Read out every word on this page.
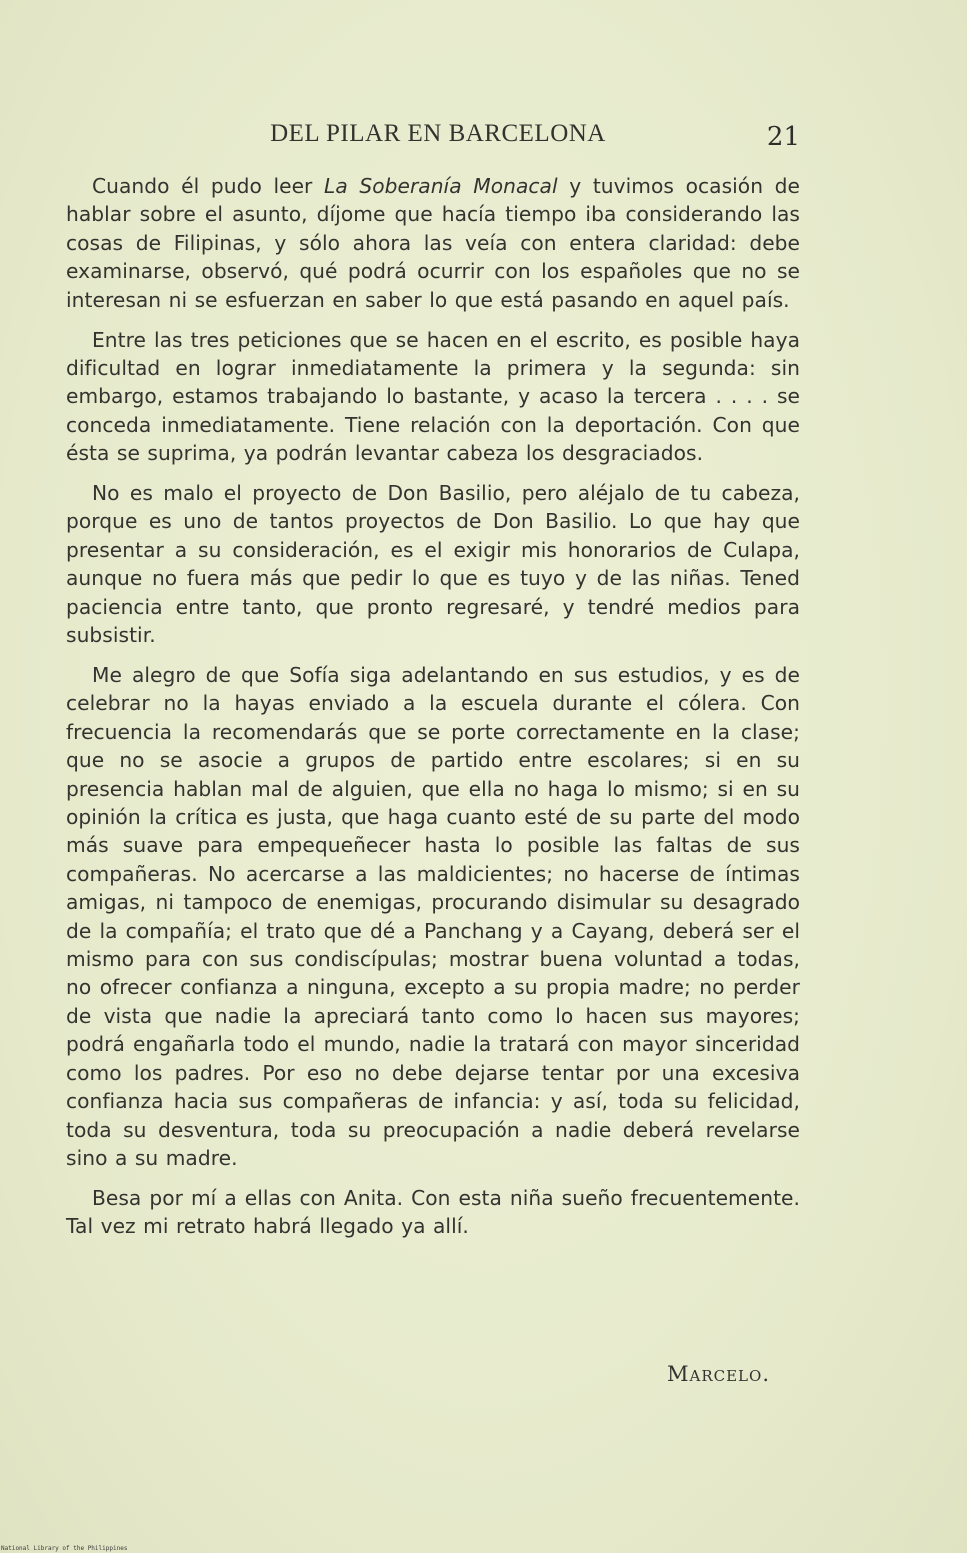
DEL PILAR EN BARCELONA	21

Cuando él pudo leer La Soberanía Monacal y tuvimos ocasión de hablar sobre el asunto, díjome que hacía tiempo iba considerando las cosas de Filipinas, y sólo ahora las veía con entera claridad: debe examinarse, observó, qué podrá ocurrir con los españoles que no se interesan ni se esfuerzan en saber lo que está pasando en aquel país.

Entre las tres peticiones que se hacen en el escrito, es posible haya dificultad en lograr inmediatamente la primera y la segunda: sin embargo, estamos trabajando lo bastante, y acaso la tercera . . . . se conceda inmediatamente. Tiene relación con la deportación. Con que ésta se suprima, ya podrán levantar cabeza los desgraciados.

No es malo el proyecto de Don Basilio, pero aléjalo de tu cabeza, porque es uno de tantos proyectos de Don Basilio. Lo que hay que presentar a su consideración, es el exigir mis honorarios de Culapa, aunque no fuera más que pedir lo que es tuyo y de las niñas. Tened paciencia entre tanto, que pronto regresaré, y tendré medios para subsistir.

Me alegro de que Sofía siga adelantando en sus estudios, y es de celebrar no la hayas enviado a la escuela durante el cólera. Con frecuencia la recomendarás que se porte correctamente en la clase; que no se asocie a grupos de partido entre escolares; si en su presencia hablan mal de alguien, que ella no haga lo mismo; si en su opinión la crítica es justa, que haga cuanto esté de su parte del modo más suave para empequeñecer hasta lo posible las faltas de sus compañeras. No acercarse a las maldicientes; no hacerse de íntimas amigas, ni tampoco de enemigas, procurando disimular su desagrado de la compañía; el trato que dé a Panchang y a Cayang, deberá ser el mismo para con sus condiscípulas; mostrar buena voluntad a todas, no ofrecer confianza a ninguna, excepto a su propia madre; no perder de vista que nadie la apreciará tanto como lo hacen sus mayores; podrá engañarla todo el mundo, nadie la tratará con mayor sinceridad como los padres. Por eso no debe dejarse tentar por una excesiva confianza hacia sus compañeras de infancia: y así, toda su felicidad, toda su desventura, toda su preocupación a nadie deberá revelarse sino a su madre.

Besa por mí a ellas con Anita. Con esta niña sueño frecuentemente. Tal vez mi retrato habrá llegado ya allí.

Marcelo.
National Library of the Philippines
